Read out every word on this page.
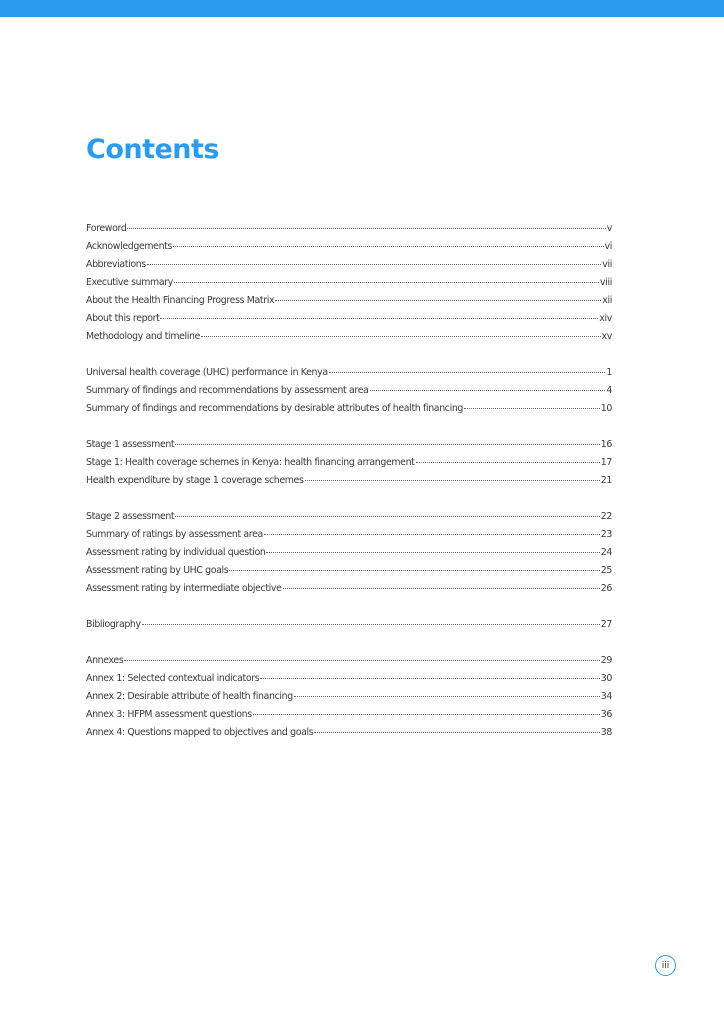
Contents
Foreword	v
Acknowledgements	vi
Abbreviations	vii
Executive summary	viii
About the Health Financing Progress Matrix	xii
About this report	xiv
Methodology and timeline	xv
Universal health coverage (UHC) performance in Kenya	1
Summary of findings and recommendations by assessment area	4
Summary of findings and recommendations by desirable attributes of health financing	10
Stage 1 assessment	16
Stage 1: Health coverage schemes in Kenya: health financing arrangement	17
Health expenditure by stage 1 coverage schemes	21
Stage 2 assessment	22
Summary of ratings by assessment area	23
Assessment rating by individual question	24
Assessment rating by UHC goals	25
Assessment rating by intermediate objective	26
Bibliography	27
Annexes	29
Annex 1: Selected contextual indicators	30
Annex 2: Desirable attribute of health financing	34
Annex 3: HFPM assessment questions	36
Annex 4: Questions mapped to objectives and goals	38
iii
